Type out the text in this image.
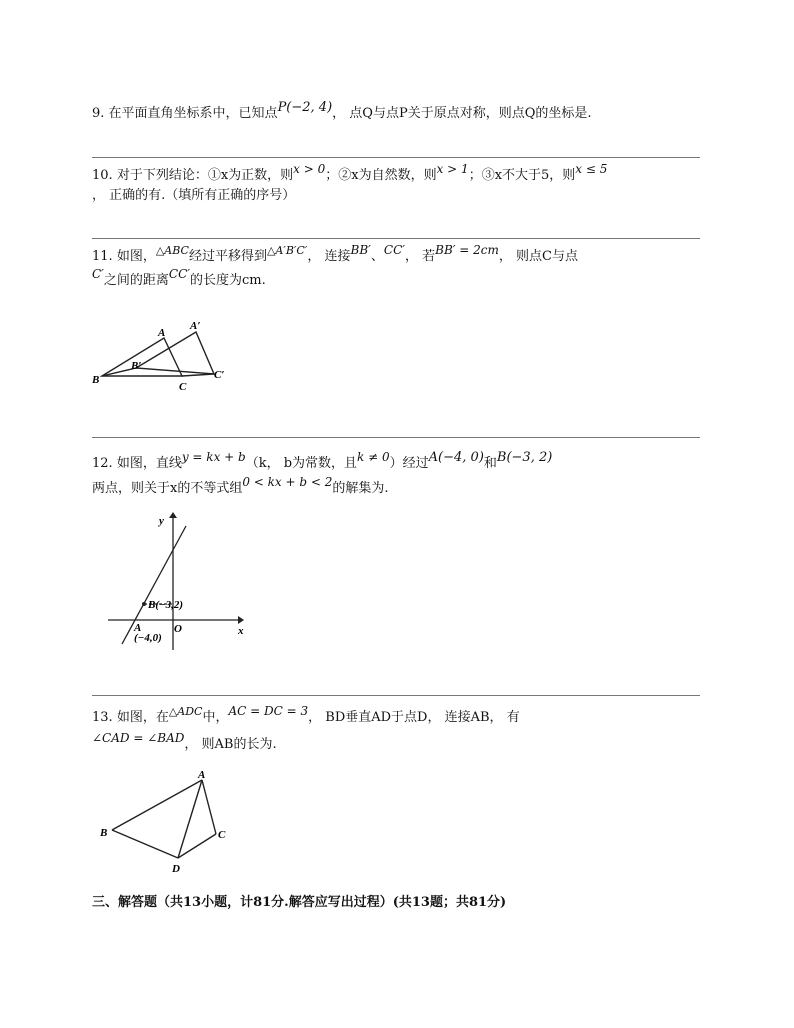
9. 在平面直角坐标系中，已知点P(−2, 4)， 点Q与点P关于原点对称，则点Q的坐标是.
10. 对于下列结论：①x为正数，则x > 0；②x为自然数，则x > 1；③x不大于5，则x ≤ 5
， 正确的有.（填所有正确的序号）
11. 如图，$^{\triangle ABC}$经过平移得到$^{\triangle A'B'C'}$， 连接BB′、CC′， 若BB′ = 2cm， 则点C与点
C′之间的距离CC′的长度为cm.
A
A′
B′
B
C
C′
12. 如图，直线y = kx + b（k， b为常数，且k ≠ 0）经过A(−4, 0)和B(−3, 2)
两点，则关于x的不等式组0 < kx + b < 2的解集为.
y
x
O
B(−3,2)
A
(−4,0)
13. 如图，在$^{\triangle ADC}$中，AC = DC = 3， BD垂直AD于点D， 连接AB， 有
∠CAD = ∠BAD， 则AB的长为.
A
B	C
D
三、解答题（共13小题，计81分.解答应写出过程）(共13题；共81分)
